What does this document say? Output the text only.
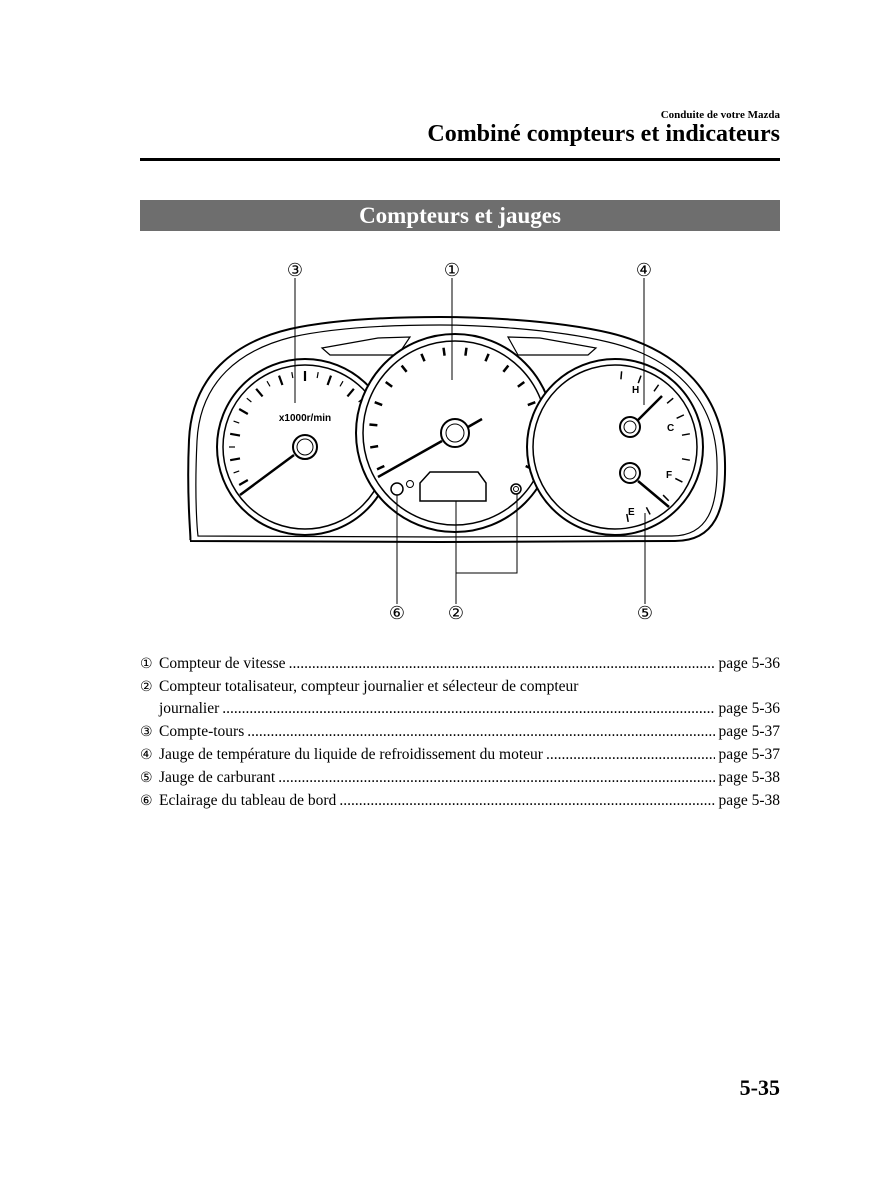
Conduite de votre Mazda
Combiné compteurs et indicateurs
Compteurs et jauges
x1000r/min
H
C
F
E
③	①	④
⑥ ②	⑤
① Compteur de vitesse .....	page 5-36
② Compteur totalisateur, compteur journalier et sélecteur de compteur
journalier .....	page 5-36
③ Compte-tours .....	page 5-37
④ Jauge de température du liquide de refroidissement du moteur .....	page 5-37
⑤ Jauge de carburant .....	page 5-38
⑥ Eclairage du tableau de bord .....	page 5-38
5-35
